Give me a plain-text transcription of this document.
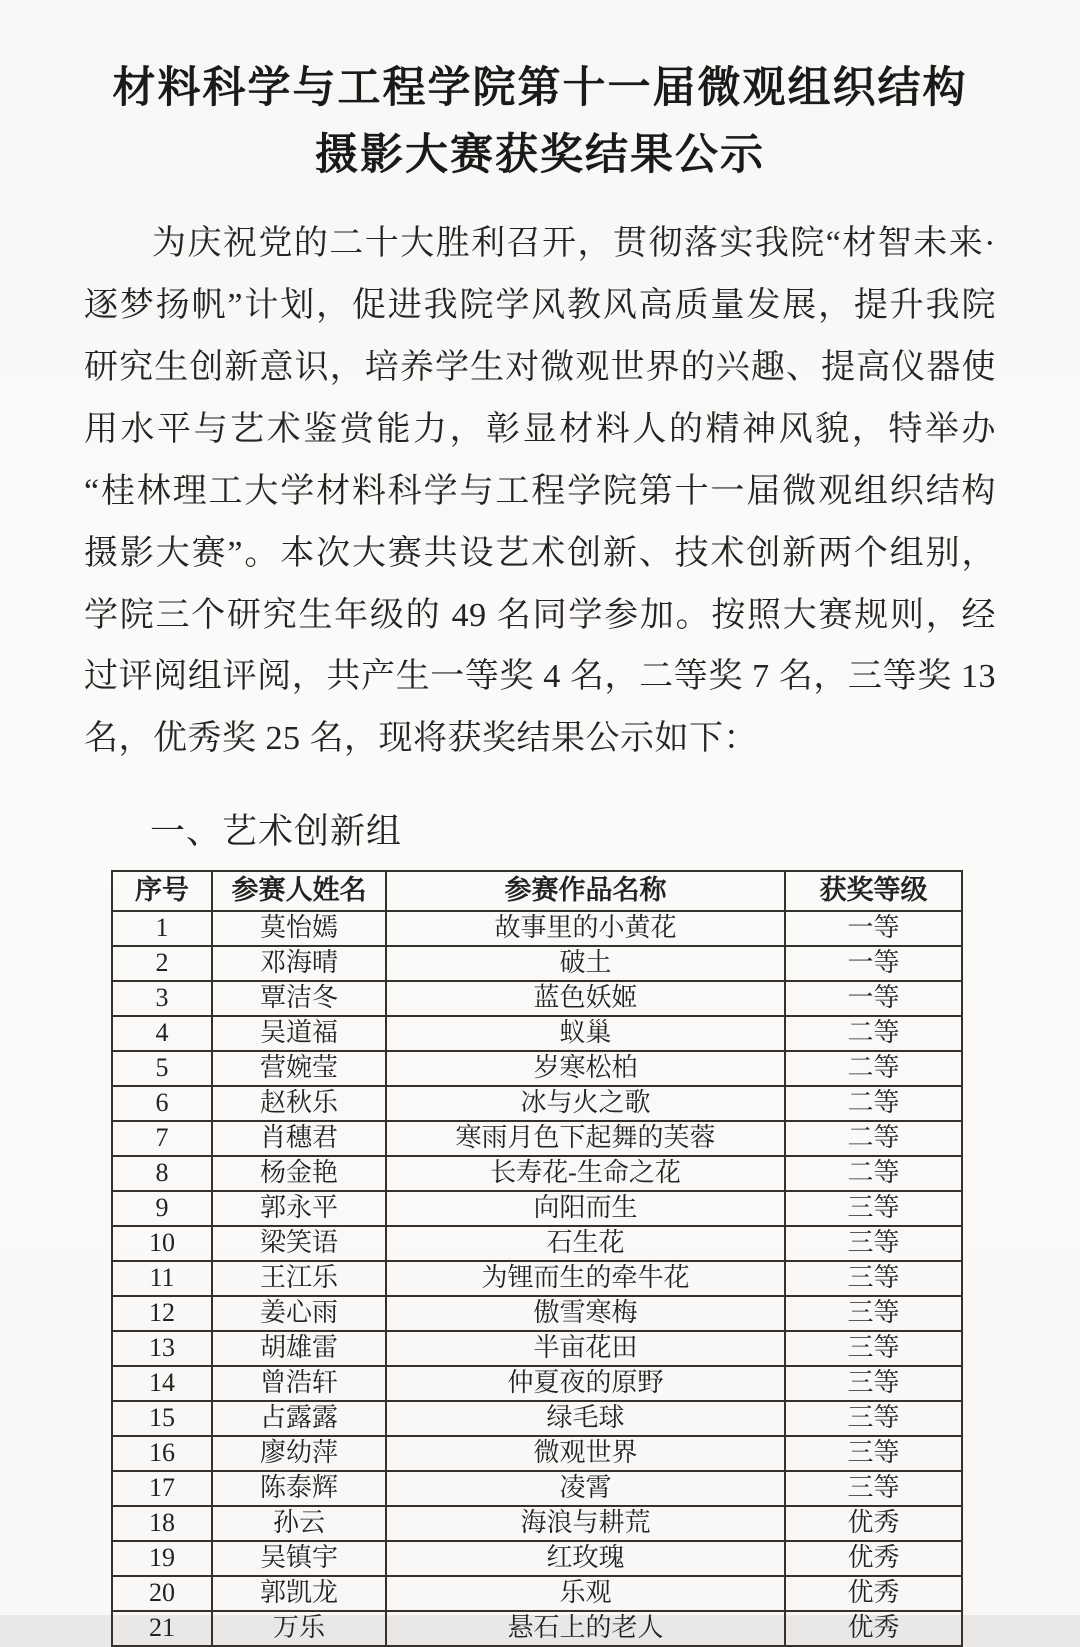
材料科学与工程学院第十一届微观组织结构
摄影大赛获奖结果公示

为庆祝党的二十大胜利召开，贯彻落实我院“材智未来·逐梦扬帆”计划，促进我院学风教风高质量发展，提升我院研究生创新意识，培养学生对微观世界的兴趣、提高仪器使用水平与艺术鉴赏能力，彰显材料人的精神风貌，特举办“桂林理工大学材料科学与工程学院第十一届微观组织结构摄影大赛”。本次大赛共设艺术创新、技术创新两个组别，学院三个研究生年级的 49 名同学参加。按照大赛规则，经过评阅组评阅，共产生一等奖 4 名，二等奖 7 名，三等奖 13 名，优秀奖 25 名，现将获奖结果公示如下：

一、艺术创新组
序号	参赛人姓名	参赛作品名称	获奖等级
1	莫怡嫣	故事里的小黄花	一等
2	邓海晴	破土	一等
3	覃洁冬	蓝色妖姬	一等
4	吴道福	蚁巢	二等
5	营婉莹	岁寒松柏	二等
6	赵秋乐	冰与火之歌	二等
7	肖穗君	寒雨月色下起舞的芙蓉	二等
8	杨金艳	长寿花-生命之花	二等
9	郭永平	向阳而生	三等
10	梁笑语	石生花	三等
11	王江乐	为锂而生的牵牛花	三等
12	姜心雨	傲雪寒梅	三等
13	胡雄雷	半亩花田	三等
14	曾浩轩	仲夏夜的原野	三等
15	占露露	绿毛球	三等
16	廖幼萍	微观世界	三等
17	陈泰辉	凌霄	三等
18	孙云	海浪与耕荒	优秀
19	吴镇宇	红玫瑰	优秀
20	郭凯龙	乐观	优秀
21	万乐	悬石上的老人	优秀
